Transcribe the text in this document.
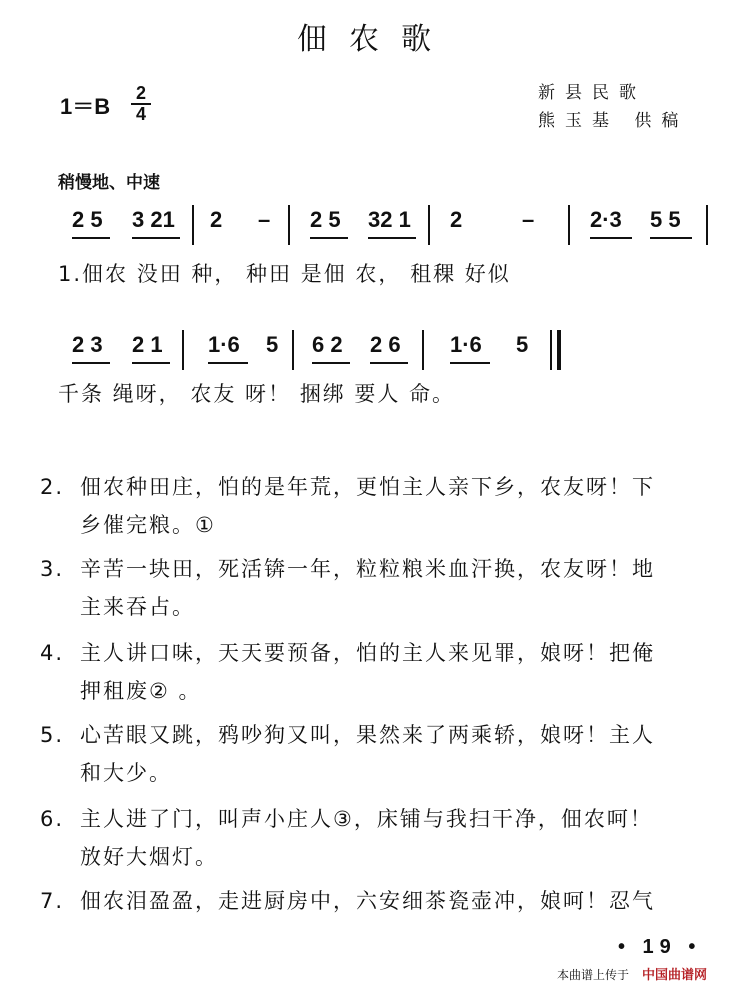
佃农歌
1＝B
2
4
新县民歌
熊玉基 供稿
稍慢地、中速
2 5 3 21 2 – 2 5 32 1 2	–	2·3 5 5
1.佃农 没田 种， 种田 是佃 农， 租稞 好似
2 3 2 1 1·6 5 6 2 2 6 1·6 5
千条 绳呀， 农友 呀！ 捆绑 要人 命。
2. 佃农种田庄，怕的是年荒，更怕主人亲下乡，农友呀！下
乡催完粮。①
3. 辛苦一块田，死活锛一年，粒粒粮米血汗换，农友呀！地
主来吞占。
4. 主人讲口味，天天要预备，怕的主人来见罪，娘呀！把俺
押租废② 。
5. 心苦眼又跳，鸦吵狗又叫，果然来了两乘轿，娘呀！主人
和大少。
6. 主人进了门，叫声小庄人③，床铺与我扫干净，佃农呵！
放好大烟灯。
7. 佃农泪盈盈，走进厨房中，六安细茶瓷壶冲，娘呵！忍气
• 19 •
本曲谱上传于 中国曲谱网
